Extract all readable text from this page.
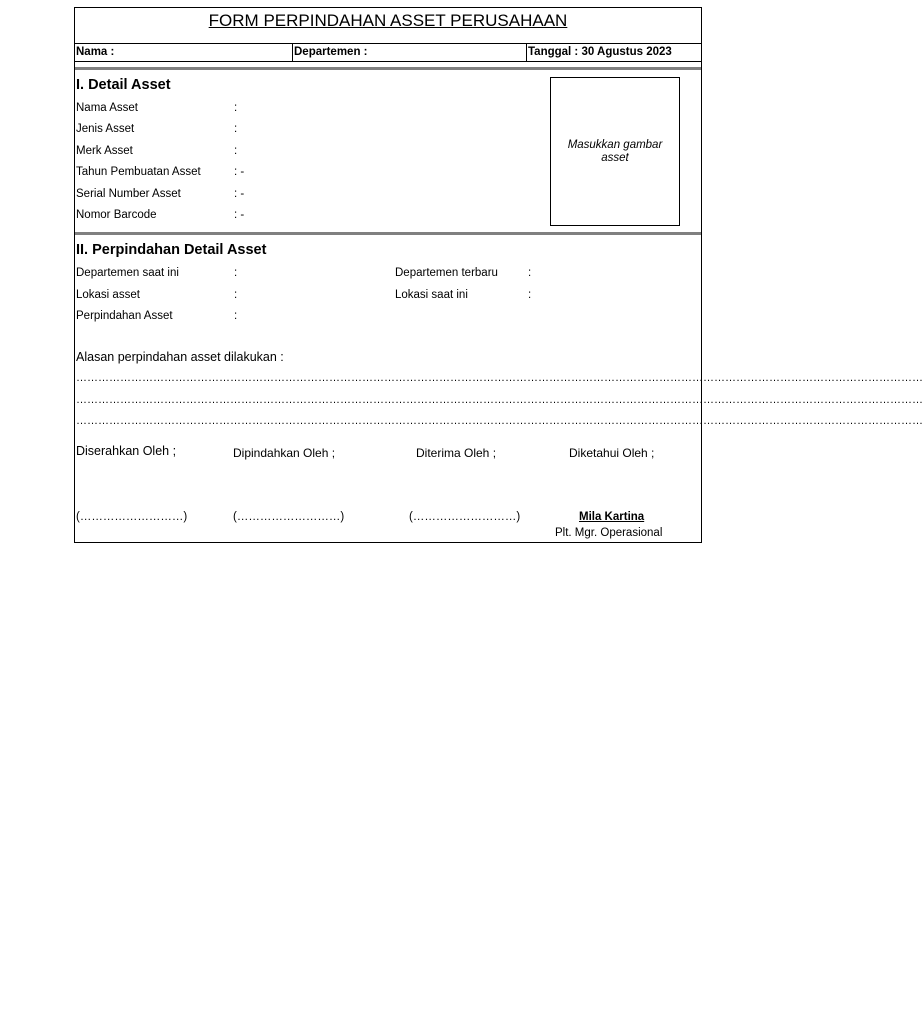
FORM PERPINDAHAN ASSET PERUSAHAAN
Nama :	Departemen :	Tanggal : 30 Agustus 2023
I. Detail Asset
Nama Asset	:
Jenis Asset	:
Merk Asset	:
Tahun Pembuatan Asset	: -
Serial Number Asset	: -
Nomor Barcode	: -
Masukkan gambar asset
II. Perpindahan Detail Asset
Departemen saat ini	:	Departemen terbaru	:
Lokasi asset	:	Lokasi saat ini	:
Perpindahan Asset	:
Alasan perpindahan asset dilakukan :
……………………………………………………………………………………………………………………………………………………………………………………………………………
……………………………………………………………………………………………………………………………………………………………………………………………………………
……………………………………………………………………………………………………………………………………………………………………………………………………………
Diserahkan Oleh ;	Dipindahkan Oleh ;	Diterima Oleh ;	Diketahui Oleh ;
(………………………)	(………………………)	(………………………)	Mila Kartina
Plt. Mgr. Operasional
